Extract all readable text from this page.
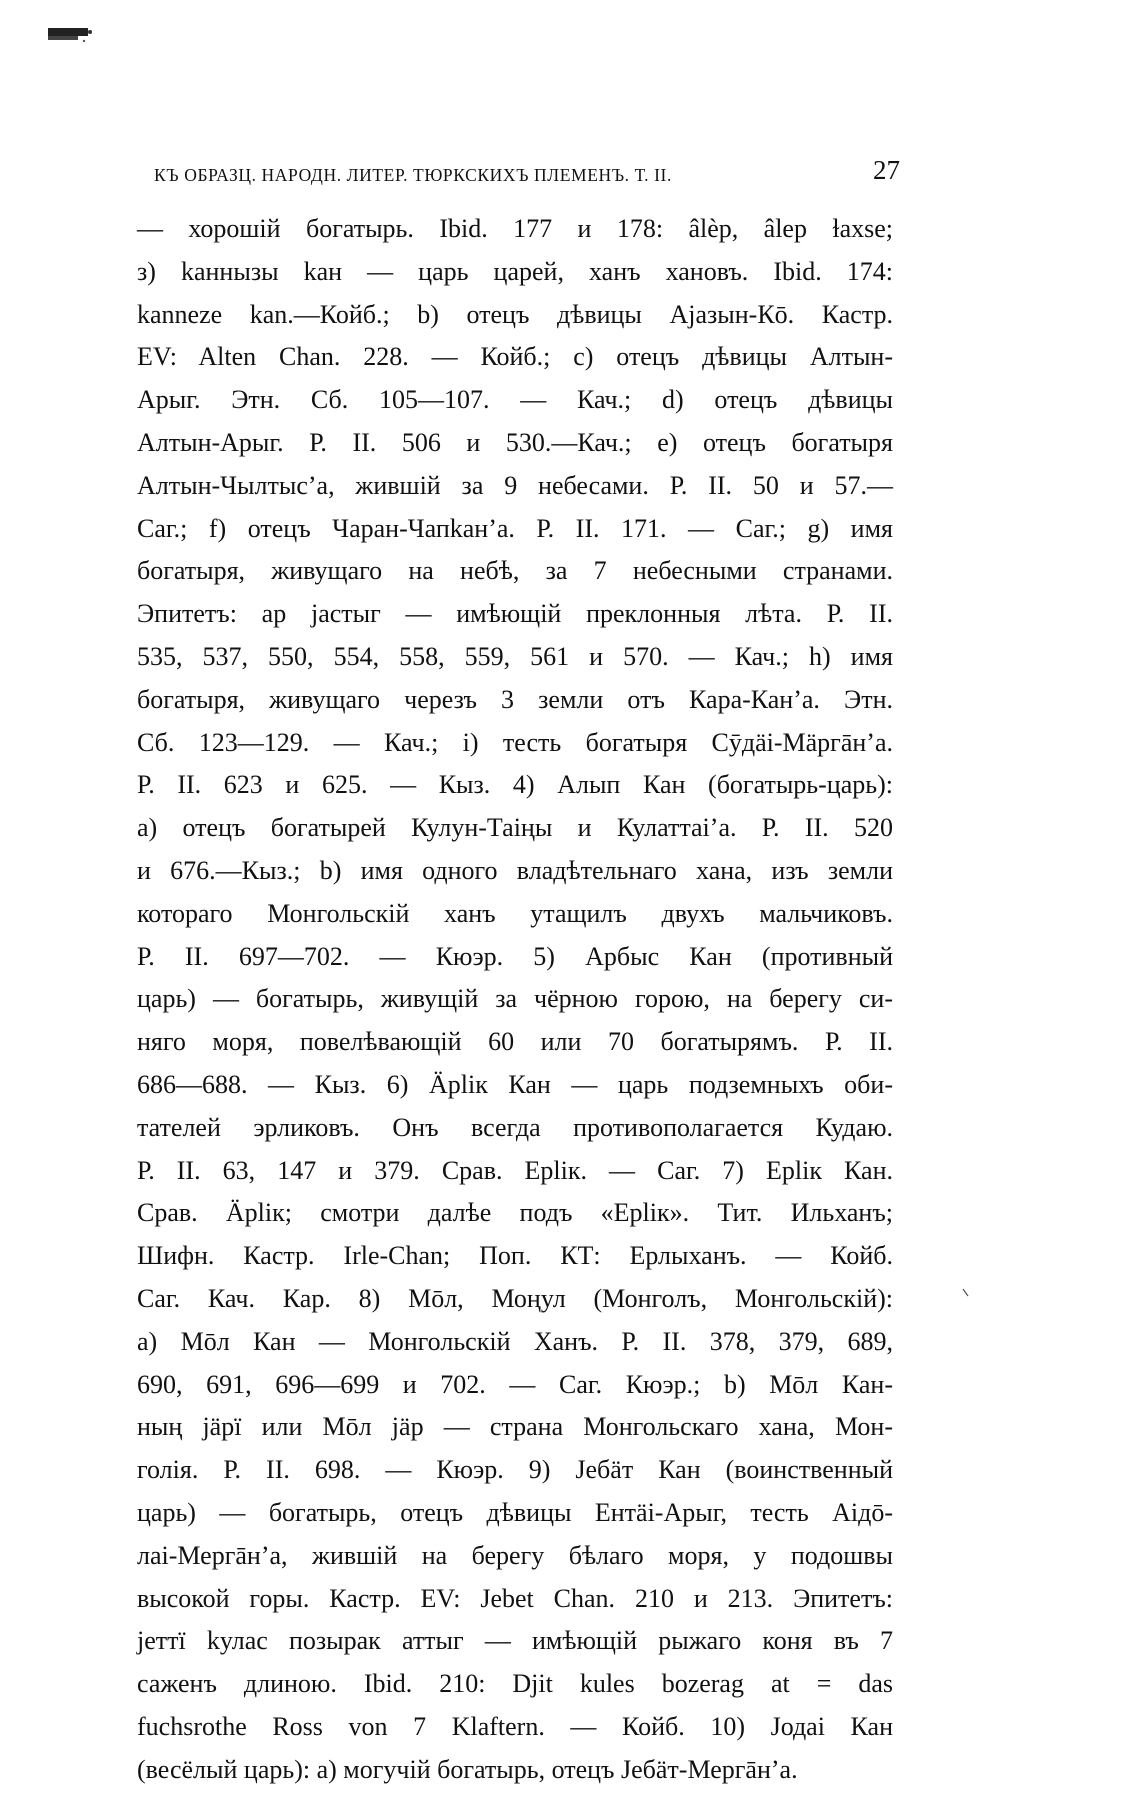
КЪ ОБРАЗЦ. НАРОДН. ЛИТЕР. ТЮРКСКИХЪ ПЛЕМЕНЪ. Т. II.	27
— хорошій богатырь. Ibid. 177 и 178: âlèp, âlep ɫaxse;
з) kaннызы kан — царь царей, ханъ хановъ. Ibid. 174:
kanneze kan.—Койб.; b) отецъ дѣвицы Аjазын-Кō. Кастр.
EV: Alten Chan. 228. — Койб.; с) отецъ дѣвицы Алтын-
Арыг. Этн. Сб. 105—107. — Кач.; d) отецъ дѣвицы
Алтын-Арыг. Р. II. 506 и 530.—Кач.; е) отецъ богатыря
Алтын-Чылтысʼа, жившій за 9 небесами. Р. II. 50 и 57.—
Саг.; f) отецъ Чаран-Чапkанʼа. Р. II. 171. — Саг.; g) имя
богатыря, живущаго на небѣ, за 7 небесными странами.
Эпитетъ: ар jастыг — имѣющій преклонныя лѣта. Р. II.
535, 537, 550, 554, 558, 559, 561 и 570. — Кач.; h) имя
богатыря, живущаго черезъ 3 земли отъ Кара-Канʼа. Этн.
Сб. 123—129. — Кач.; i) тесть богатыря Сӯдäi-Мäргāнʼа.
Р. II. 623 и 625. — Кыз. 4) Алып Кан (богатырь-царь):
а) отецъ богатырей Кулун-Таiңы и Кулаттаiʼа. Р. II. 520
и 676.—Кыз.; b) имя одного владѣтельнаго хана, изъ земли
котораго Монгольскій ханъ утащилъ двухъ мальчиковъ.
Р. II. 697—702. — Кюэр. 5) Арбыс Кан (противный
царь) — богатырь, живущій за чёрною горою, на берегу си-
няго моря, повелѣвающій 60 или 70 богатырямъ. Р. II.
686—688. — Кыз. 6) Äрlік Кан — царь подземныхъ оби-
тателей эрликовъ. Онъ всегда противополагается Кудаю.
Р. II. 63, 147 и 379. Срав. Ерlік. — Саг. 7) Ерlік Кан.
Срав. Äрlік; смотри далѣе подъ «Ерlік». Тит. Ильханъ;
Шифн. Кастр. Irle-Chan; Поп. КТ: Ерлыханъ. — Койб.
Саг. Кач. Кар. 8) Мōл, Моңул (Монголъ, Монгольскій):
а) Мōл Кан — Монгольскій Ханъ. Р. II. 378, 379, 689,
690, 691, 696—699 и 702. — Саг. Кюэр.; b) Мōл Кан-
ның jäрï или Мōл jäр — страна Монгольскаго хана, Мон-
голія. Р. II. 698. — Кюэр. 9) Јебäт Кан (воинственный
царь) — богатырь, отецъ дѣвицы Ентäi-Арыг, тесть Аiдō-
лаi-Мергāнʼа, жившій на берегу бѣлаго моря, у подошвы
высокой горы. Кастр. EV: Jebet Chan. 210 и 213. Эпитетъ:
jеттï kулас позырак аттыг — имѣющій рыжаго коня въ 7
саженъ длиною. Ibid. 210: Djit kules bozerag at = das
fuchsrothe Ross von 7 Klaftern. — Койб. 10) Јодаi Кан
(весёлый царь): а) могучій богатырь, отецъ Јебäт-Мергāнʼа.
